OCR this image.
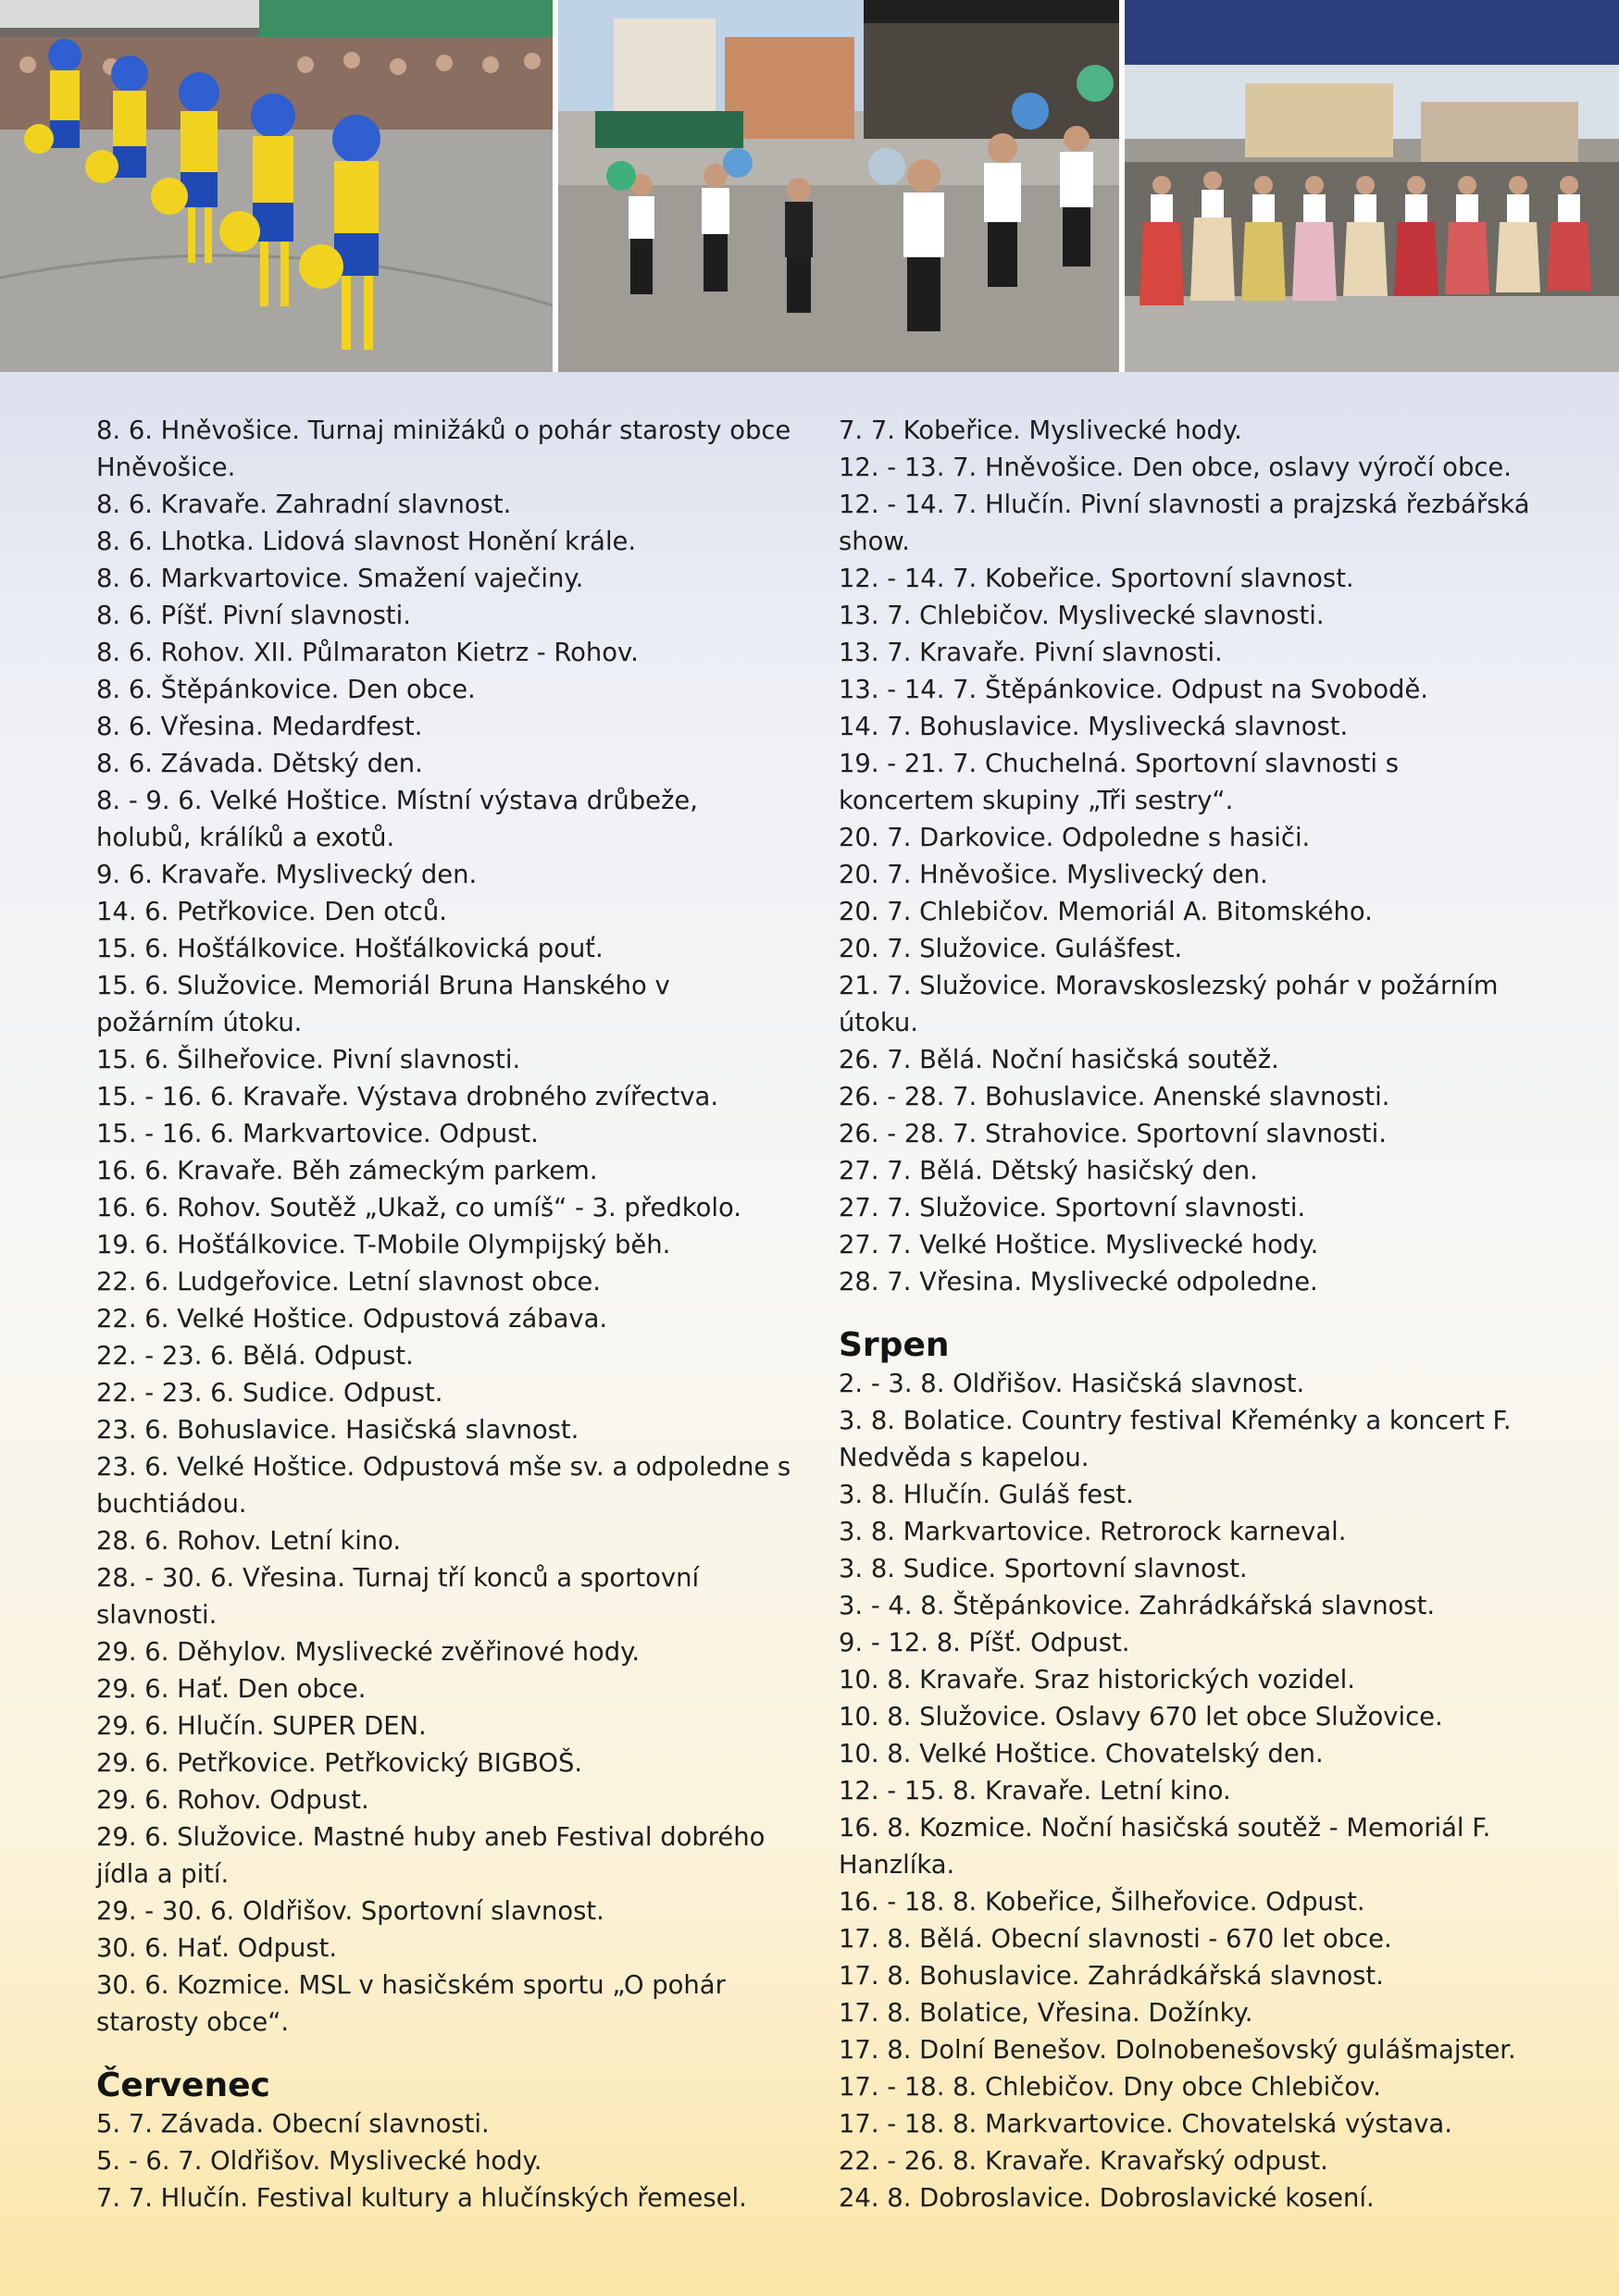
8. 6. Hněvošice. Turnaj minižáků o pohár starosty obce Hněvošice.

8. 6. Kravaře. Zahradní slavnost.

8. 6. Lhotka. Lidová slavnost Honění krále.

8. 6. Markvartovice. Smažení vaječiny.

8. 6. Píšť. Pivní slavnosti.

8. 6. Rohov. XII. Půlmaraton Kietrz - Rohov.

8. 6. Štěpánkovice. Den obce.

8. 6. Vřesina. Medardfest.

8. 6. Závada. Dětský den.

8. - 9. 6. Velké Hoštice. Místní výstava drůbeže, holubů, králíků a exotů.

9. 6. Kravaře. Myslivecký den.

14. 6. Petřkovice. Den otců.

15. 6. Hošťálkovice. Hošťálkovická pouť.

15. 6. Služovice. Memoriál Bruna Hanského v požárním útoku.

15. 6. Šilheřovice. Pivní slavnosti.

15. - 16. 6. Kravaře. Výstava drobného zvířectva.

15. - 16. 6. Markvartovice. Odpust.

16. 6. Kravaře. Běh zámeckým parkem.

16. 6. Rohov. Soutěž „Ukaž, co umíš“ - 3. předkolo.

19. 6. Hošťálkovice. T-Mobile Olympijský běh.

22. 6. Ludgeřovice. Letní slavnost obce.

22. 6. Velké Hoštice. Odpustová zábava.

22. - 23. 6. Bělá. Odpust.

22. - 23. 6. Sudice. Odpust.

23. 6. Bohuslavice. Hasičská slavnost.

23. 6. Velké Hoštice. Odpustová mše sv. a odpoledne s buchtiádou.

28. 6. Rohov. Letní kino.

28. - 30. 6. Vřesina. Turnaj tří konců a sportovní slavnosti.

29. 6. Děhylov. Myslivecké zvěřinové hody.

29. 6. Hať. Den obce.

29. 6. Hlučín. SUPER DEN.

29. 6. Petřkovice. Petřkovický BIGBOŠ.

29. 6. Rohov. Odpust.

29. 6. Služovice. Mastné huby aneb Festival dobrého jídla a pití.

29. - 30. 6. Oldřišov. Sportovní slavnost.

30. 6. Hať. Odpust.

30. 6. Kozmice. MSL v hasičském sportu „O pohár starosty obce“.

Červenec

5. 7. Závada. Obecní slavnosti.

5. - 6. 7. Oldřišov. Myslivecké hody.

7. 7. Hlučín. Festival kultury a hlučínských řemesel.

7. 7. Kobeřice. Myslivecké hody.

12. - 13. 7. Hněvošice. Den obce, oslavy výročí obce.

12. - 14. 7. Hlučín. Pivní slavnosti a prajzská řezbářská show.

12. - 14. 7. Kobeřice. Sportovní slavnost.

13. 7. Chlebičov. Myslivecké slavnosti.

13. 7. Kravaře. Pivní slavnosti.

13. - 14. 7. Štěpánkovice. Odpust na Svobodě.

14. 7. Bohuslavice. Myslivecká slavnost.

19. - 21. 7. Chuchelná. Sportovní slavnosti s koncertem skupiny „Tři sestry“.

20. 7. Darkovice. Odpoledne s hasiči.

20. 7. Hněvošice. Myslivecký den.

20. 7. Chlebičov. Memoriál A. Bitomského.

20. 7. Služovice. Gulášfest.

21. 7. Služovice. Moravskoslezský pohár v požárním útoku.

26. 7. Bělá. Noční hasičská soutěž.

26. - 28. 7. Bohuslavice. Anenské slavnosti.

26. - 28. 7. Strahovice. Sportovní slavnosti.

27. 7. Bělá. Dětský hasičský den.

27. 7. Služovice. Sportovní slavnosti.

27. 7. Velké Hoštice. Myslivecké hody.

28. 7. Vřesina. Myslivecké odpoledne.

Srpen

2. - 3. 8. Oldřišov. Hasičská slavnost.

3. 8. Bolatice. Country festival Křeménky a koncert F. Nedvěda s kapelou.

3. 8. Hlučín. Guláš fest.

3. 8. Markvartovice. Retrorock karneval.

3. 8. Sudice. Sportovní slavnost.

3. - 4. 8. Štěpánkovice. Zahrádkářská slavnost.

9. - 12. 8. Píšť. Odpust.

10. 8. Kravaře. Sraz historických vozidel.

10. 8. Služovice. Oslavy 670 let obce Služovice.

10. 8. Velké Hoštice. Chovatelský den.

12. - 15. 8. Kravaře. Letní kino.

16. 8. Kozmice. Noční hasičská soutěž - Memoriál F. Hanzlíka.

16. - 18. 8. Kobeřice, Šilheřovice. Odpust.

17. 8. Bělá. Obecní slavnosti - 670 let obce.

17. 8. Bohuslavice. Zahrádkářská slavnost.

17. 8. Bolatice, Vřesina. Dožínky.

17. 8. Dolní Benešov. Dolnobenešovský gulášmajster.

17. - 18. 8. Chlebičov. Dny obce Chlebičov.

17. - 18. 8. Markvartovice. Chovatelská výstava.

22. - 26. 8. Kravaře. Kravařský odpust.

24. 8. Dobroslavice. Dobroslavické kosení.
